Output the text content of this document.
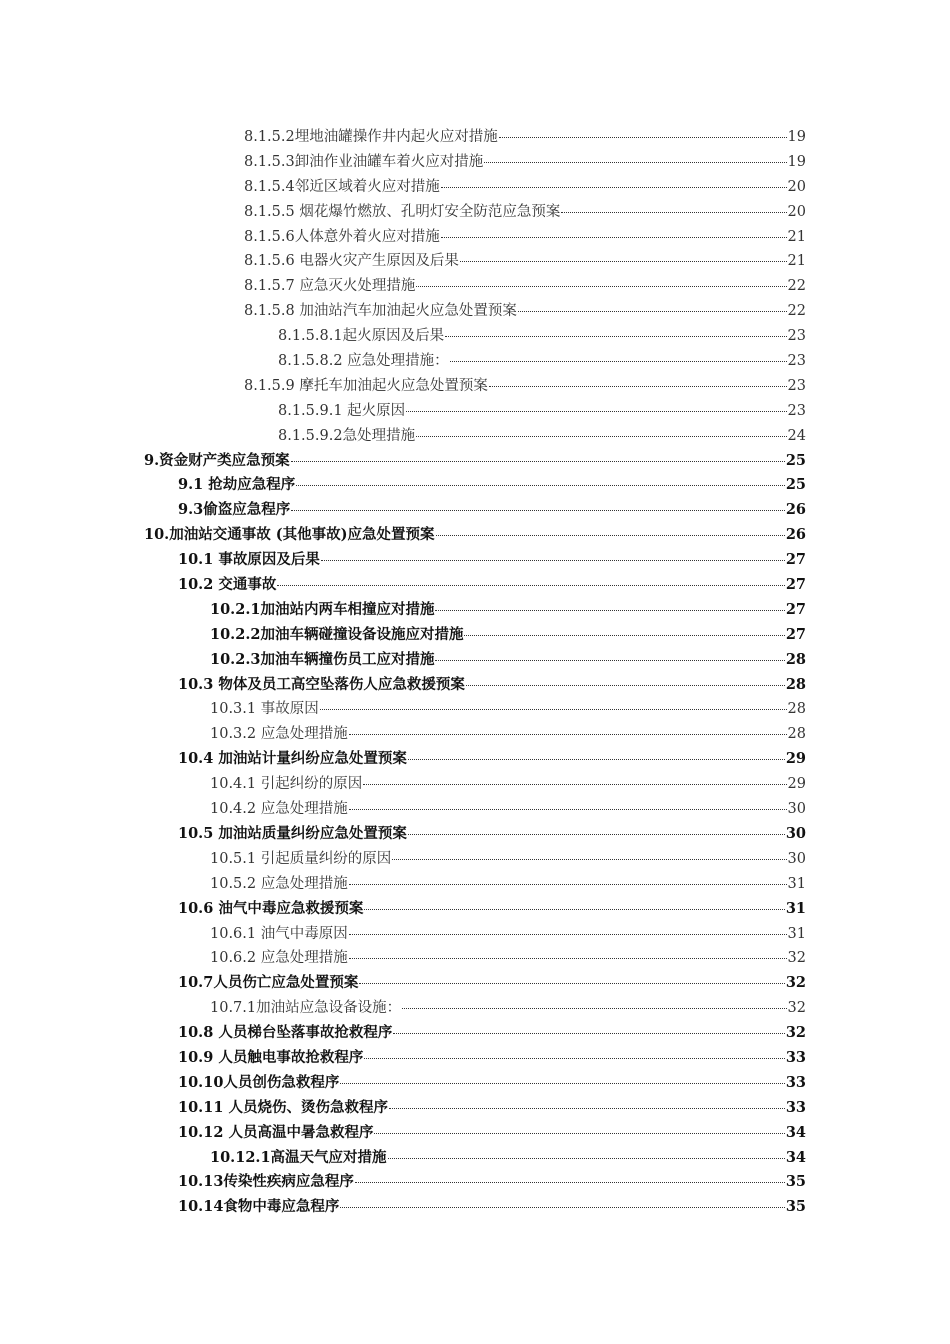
8.1.5.2埋地油罐操作井内起火应对措施	19
8.1.5.3卸油作业油罐车着火应对措施	19
8.1.5.4邻近区域着火应对措施	20
8.1.5.5 烟花爆竹燃放、孔明灯安全防范应急预案	20
8.1.5.6人体意外着火应对措施	21
8.1.5.6 电器火灾产生原因及后果	21
8.1.5.7 应急灭火处理措施	22
8.1.5.8 加油站汽车加油起火应急处置预案	22
8.1.5.8.1起火原因及后果	23
8.1.5.8.2 应急处理措施：	23
8.1.5.9 摩托车加油起火应急处置预案	23
8.1.5.9.1 起火原因	23
8.1.5.9.2急处理措施	24
9.资金财产类应急预案	25
9.1 抢劫应急程序	25
9.3偷盗应急程序	26
10.加油站交通事故 (其他事故)应急处置预案	26
10.1 事故原因及后果	27
10.2 交通事故	27
10.2.1加油站内两车相撞应对措施	27
10.2.2加油车辆碰撞设备设施应对措施	27
10.2.3加油车辆撞伤员工应对措施	28
10.3 物体及员工高空坠落伤人应急救援预案	28
10.3.1 事故原因	28
10.3.2 应急处理措施	28
10.4 加油站计量纠纷应急处置预案	29
10.4.1 引起纠纷的原因	29
10.4.2 应急处理措施	30
10.5 加油站质量纠纷应急处置预案	30
10.5.1 引起质量纠纷的原因	30
10.5.2 应急处理措施	31
10.6 油气中毒应急救援预案	31
10.6.1 油气中毒原因	31
10.6.2 应急处理措施	32
10.7人员伤亡应急处置预案	32
10.7.1加油站应急设备设施：	32
10.8 人员梯台坠落事故抢救程序	32
10.9 人员触电事故抢救程序	33
10.10人员创伤急救程序	33
10.11 人员烧伤、烫伤急救程序	33
10.12 人员高温中暑急救程序	34
10.12.1高温天气应对措施	34
10.13传染性疾病应急程序	35
10.14食物中毒应急程序	35
